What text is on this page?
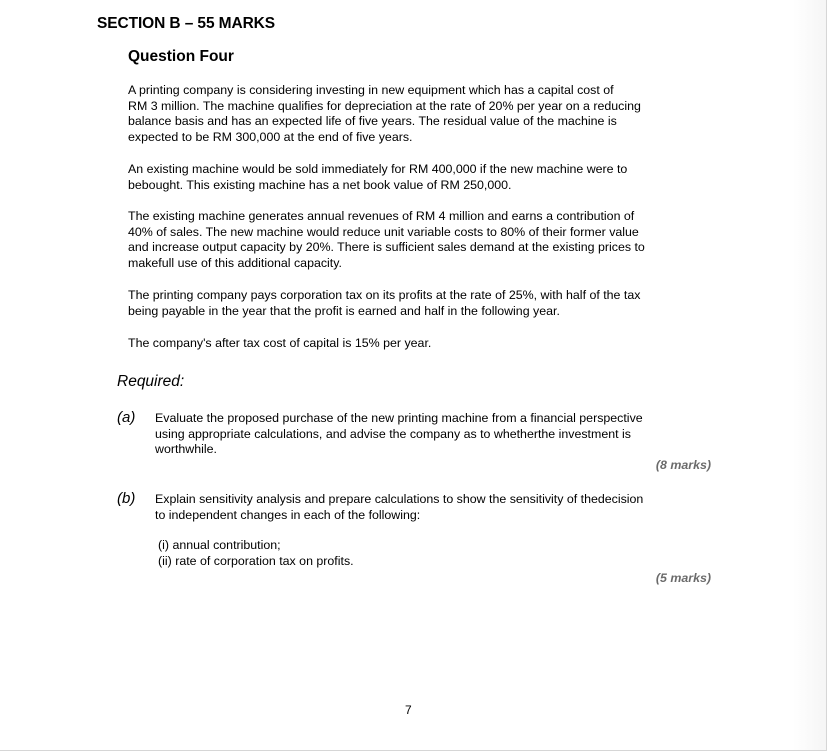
SECTION B – 55 MARKS
Question Four

A printing company is considering investing in new equipment which has a capital cost of
RM 3 million. The machine qualifies for depreciation at the rate of 20% per year on a reducing
balance basis and has an expected life of five years. The residual value of the machine is
expected to be RM 300,000 at the end of five years.

An existing machine would be sold immediately for RM 400,000 if the new machine were to
bebought. This existing machine has a net book value of RM 250,000.

The existing machine generates annual revenues of RM 4 million and earns a contribution of
40% of sales. The new machine would reduce unit variable costs to 80% of their former value
and increase output capacity by 20%. There is sufficient sales demand at the existing prices to
makefull use of this additional capacity.

The printing company pays corporation tax on its profits at the rate of 25%, with half of the tax
being payable in the year that the profit is earned and half in the following year.

The company's after tax cost of capital is 15% per year.

Required:
(a) Evaluate the proposed purchase of the new printing machine from a financial perspective
using appropriate calculations, and advise the company as to whetherthe investment is
worthwhile.
(8 marks)
(b) Explain sensitivity analysis and prepare calculations to show the sensitivity of thedecision
to independent changes in each of the following:
(i) annual contribution;
(ii) rate of corporation tax on profits.
(5 marks)
7
